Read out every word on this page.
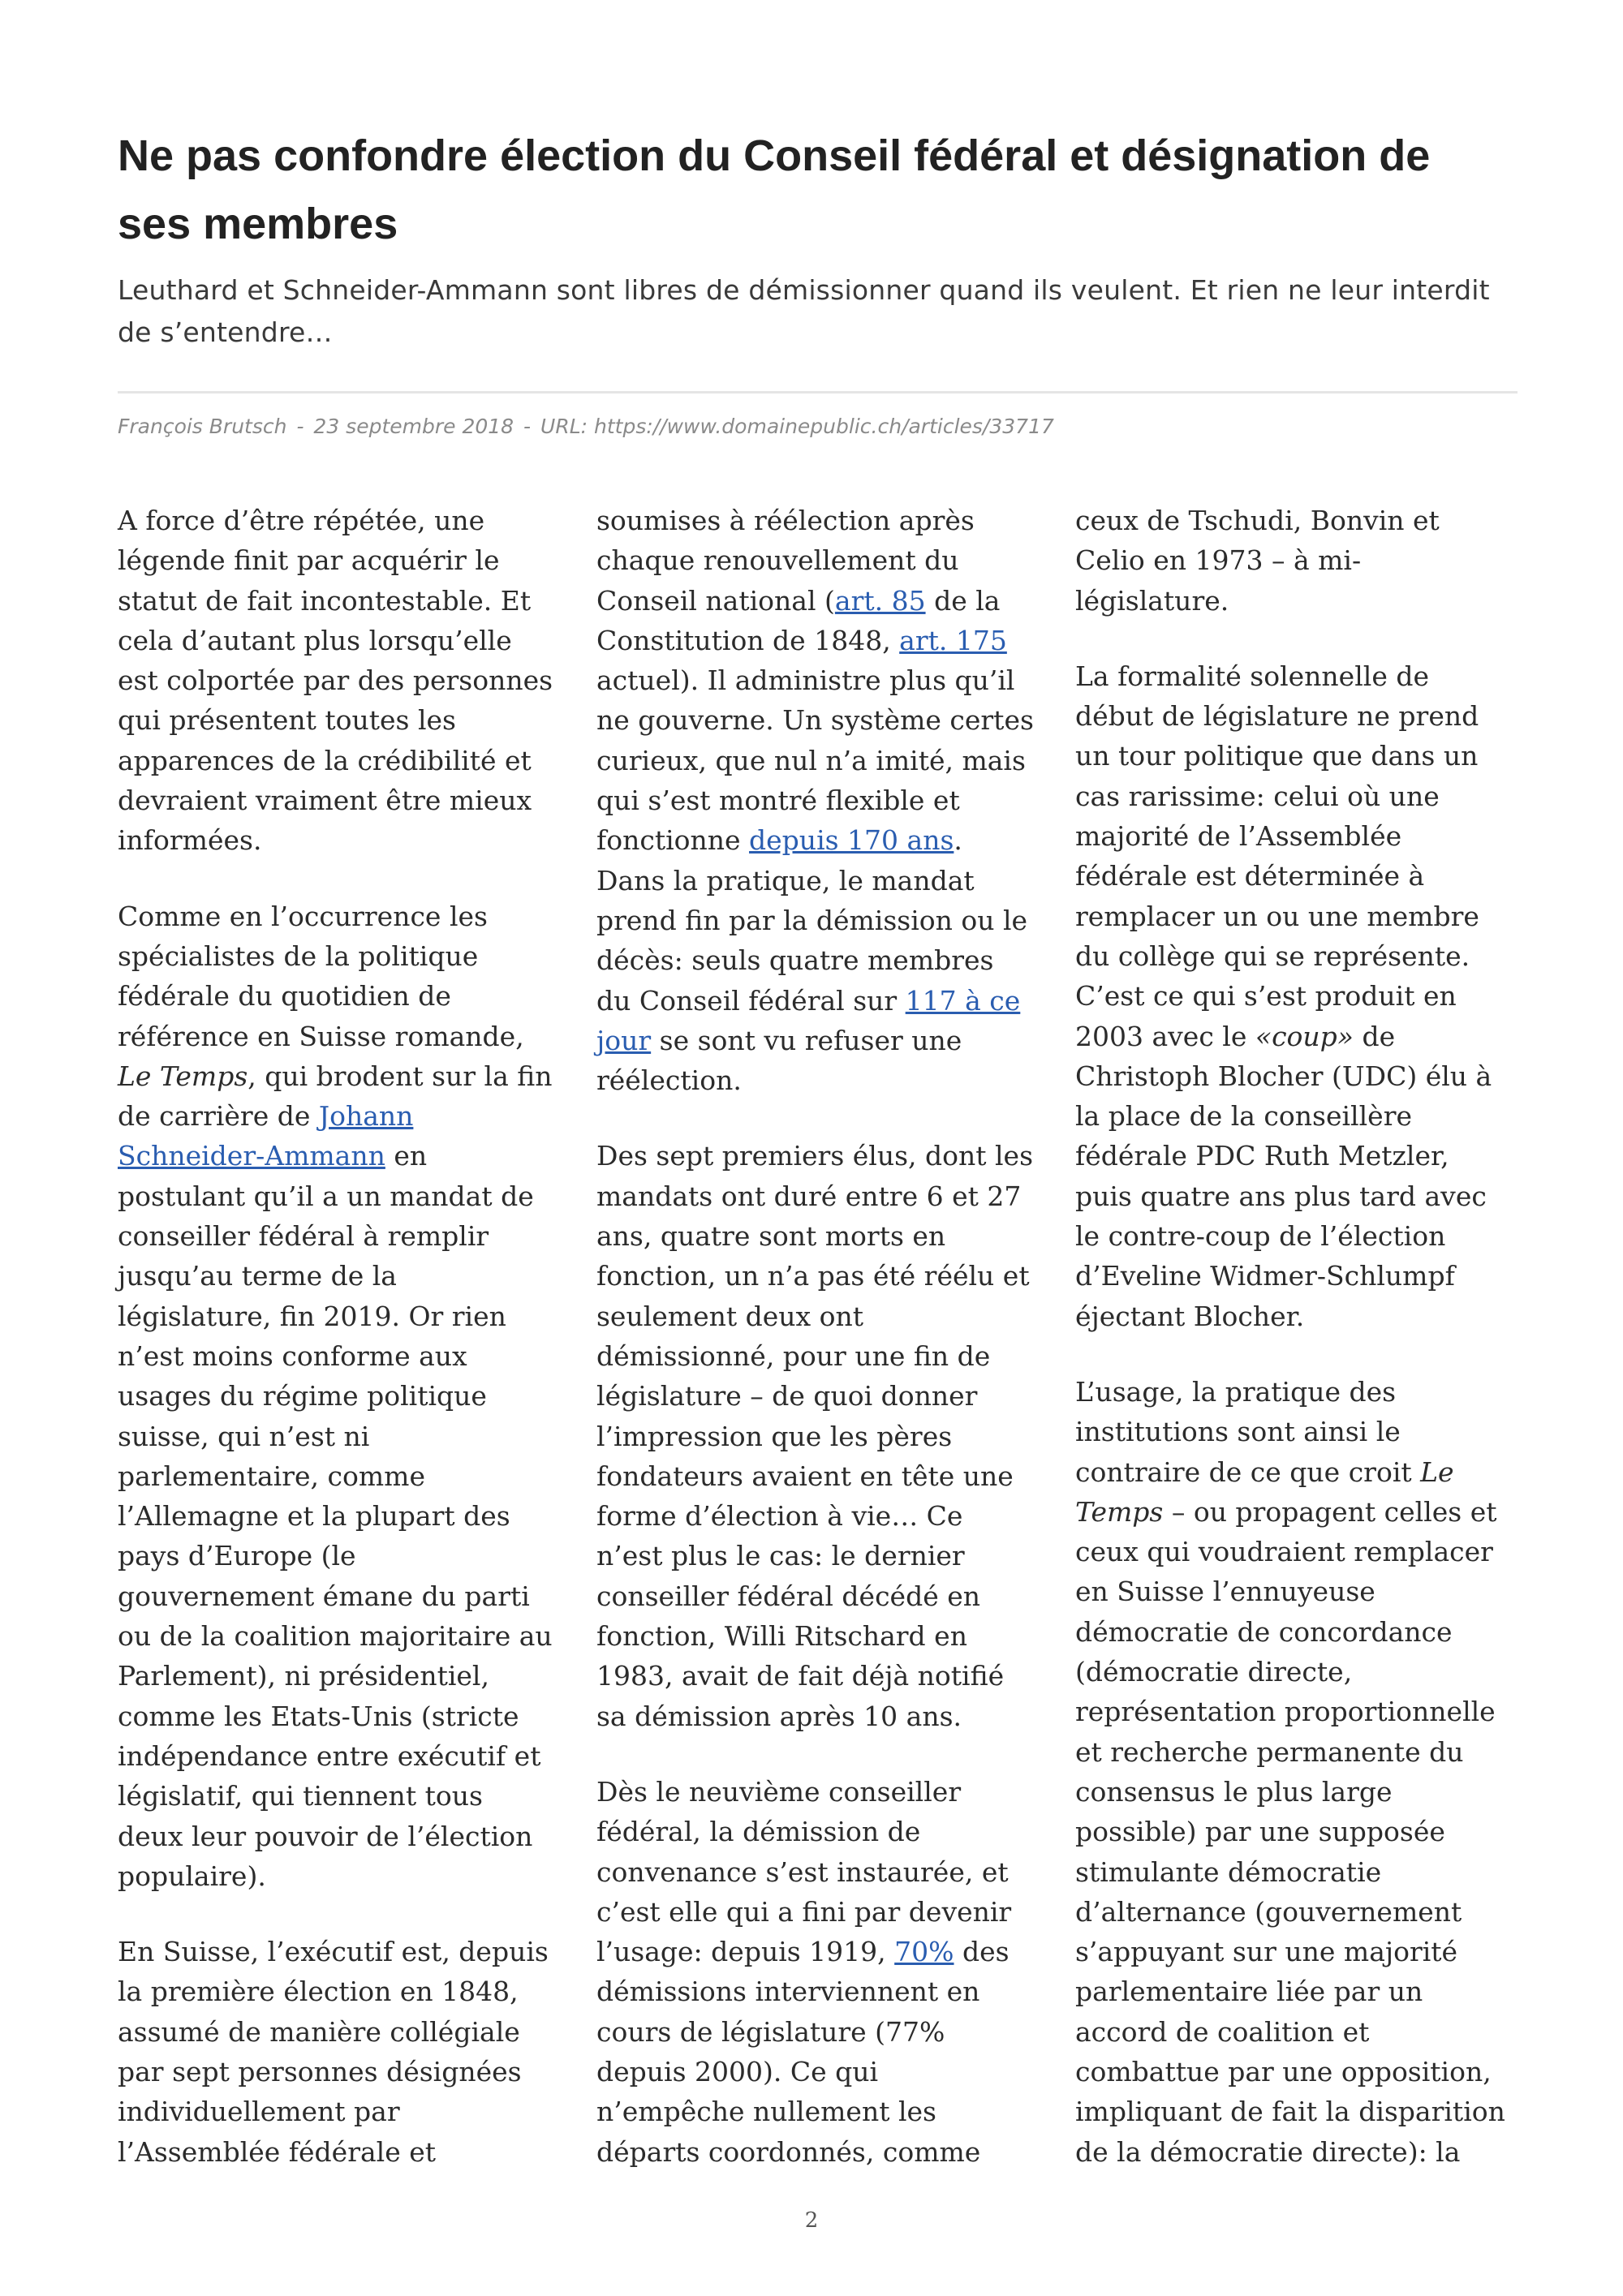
Ne pas confondre élection du Conseil fédéral et désignation de ses membres

Leuthard et Schneider-Ammann sont libres de démissionner quand ils veulent. Et rien ne leur interdit de s’entendre…

François Brutsch - 23 septembre 2018 - URL: https://www.domainepublic.ch/articles/33717

A force d’être répétée, une légende finit par acquérir le statut de fait incontestable. Et cela d’autant plus lorsqu’elle est colportée par des personnes qui présentent toutes les apparences de la crédibilité et devraient vraiment être mieux informées.

Comme en l’occurrence les spécialistes de la politique fédérale du quotidien de référence en Suisse romande, Le Temps, qui brodent sur la fin de carrière de Johann Schneider-Ammann en postulant qu’il a un mandat de conseiller fédéral à remplir jusqu’au terme de la législature, fin 2019. Or rien n’est moins conforme aux usages du régime politique suisse, qui n’est ni parlementaire, comme l’Allemagne et la plupart des pays d’Europe (le gouvernement émane du parti ou de la coalition majoritaire au Parlement), ni présidentiel, comme les Etats-Unis (stricte indépendance entre exécutif et législatif, qui tiennent tous deux leur pouvoir de l’élection populaire).

En Suisse, l’exécutif est, depuis la première élection en 1848, assumé de manière collégiale par sept personnes désignées individuellement par l’Assemblée fédérale et

soumises à réélection après chaque renouvellement du Conseil national (art. 85 de la Constitution de 1848, art. 175 actuel). Il administre plus qu’il ne gouverne. Un système certes curieux, que nul n’a imité, mais qui s’est montré flexible et fonctionne depuis 170 ans. Dans la pratique, le mandat prend fin par la démission ou le décès: seuls quatre membres du Conseil fédéral sur 117 à ce jour se sont vu refuser une réélection.

Des sept premiers élus, dont les mandats ont duré entre 6 et 27 ans, quatre sont morts en fonction, un n’a pas été réélu et seulement deux ont démissionné, pour une fin de législature – de quoi donner l’impression que les pères fondateurs avaient en tête une forme d’élection à vie… Ce n’est plus le cas: le dernier conseiller fédéral décédé en fonction, Willi Ritschard en 1983, avait de fait déjà notifié sa démission après 10 ans.

Dès le neuvième conseiller fédéral, la démission de convenance s’est instaurée, et c’est elle qui a fini par devenir l’usage: depuis 1919, 70% des démissions interviennent en cours de législature (77% depuis 2000). Ce qui n’empêche nullement les départs coordonnés, comme

ceux de Tschudi, Bonvin et Celio en 1973 – à mi-législature.

La formalité solennelle de début de législature ne prend un tour politique que dans un cas rarissime: celui où une majorité de l’Assemblée fédérale est déterminée à remplacer un ou une membre du collège qui se représente. C’est ce qui s’est produit en 2003 avec le «coup» de Christoph Blocher (UDC) élu à la place de la conseillère fédérale PDC Ruth Metzler, puis quatre ans plus tard avec le contre-coup de l’élection d’Eveline Widmer-Schlumpf éjectant Blocher.

L’usage, la pratique des institutions sont ainsi le contraire de ce que croit Le Temps – ou propagent celles et ceux qui voudraient remplacer en Suisse l’ennuyeuse démocratie de concordance (démocratie directe, représentation proportionnelle et recherche permanente du consensus le plus large possible) par une supposée stimulante démocratie d’alternance (gouvernement s’appuyant sur une majorité parlementaire liée par un accord de coalition et combattue par une opposition, impliquant de fait la disparition de la démocratie directe): la

2
